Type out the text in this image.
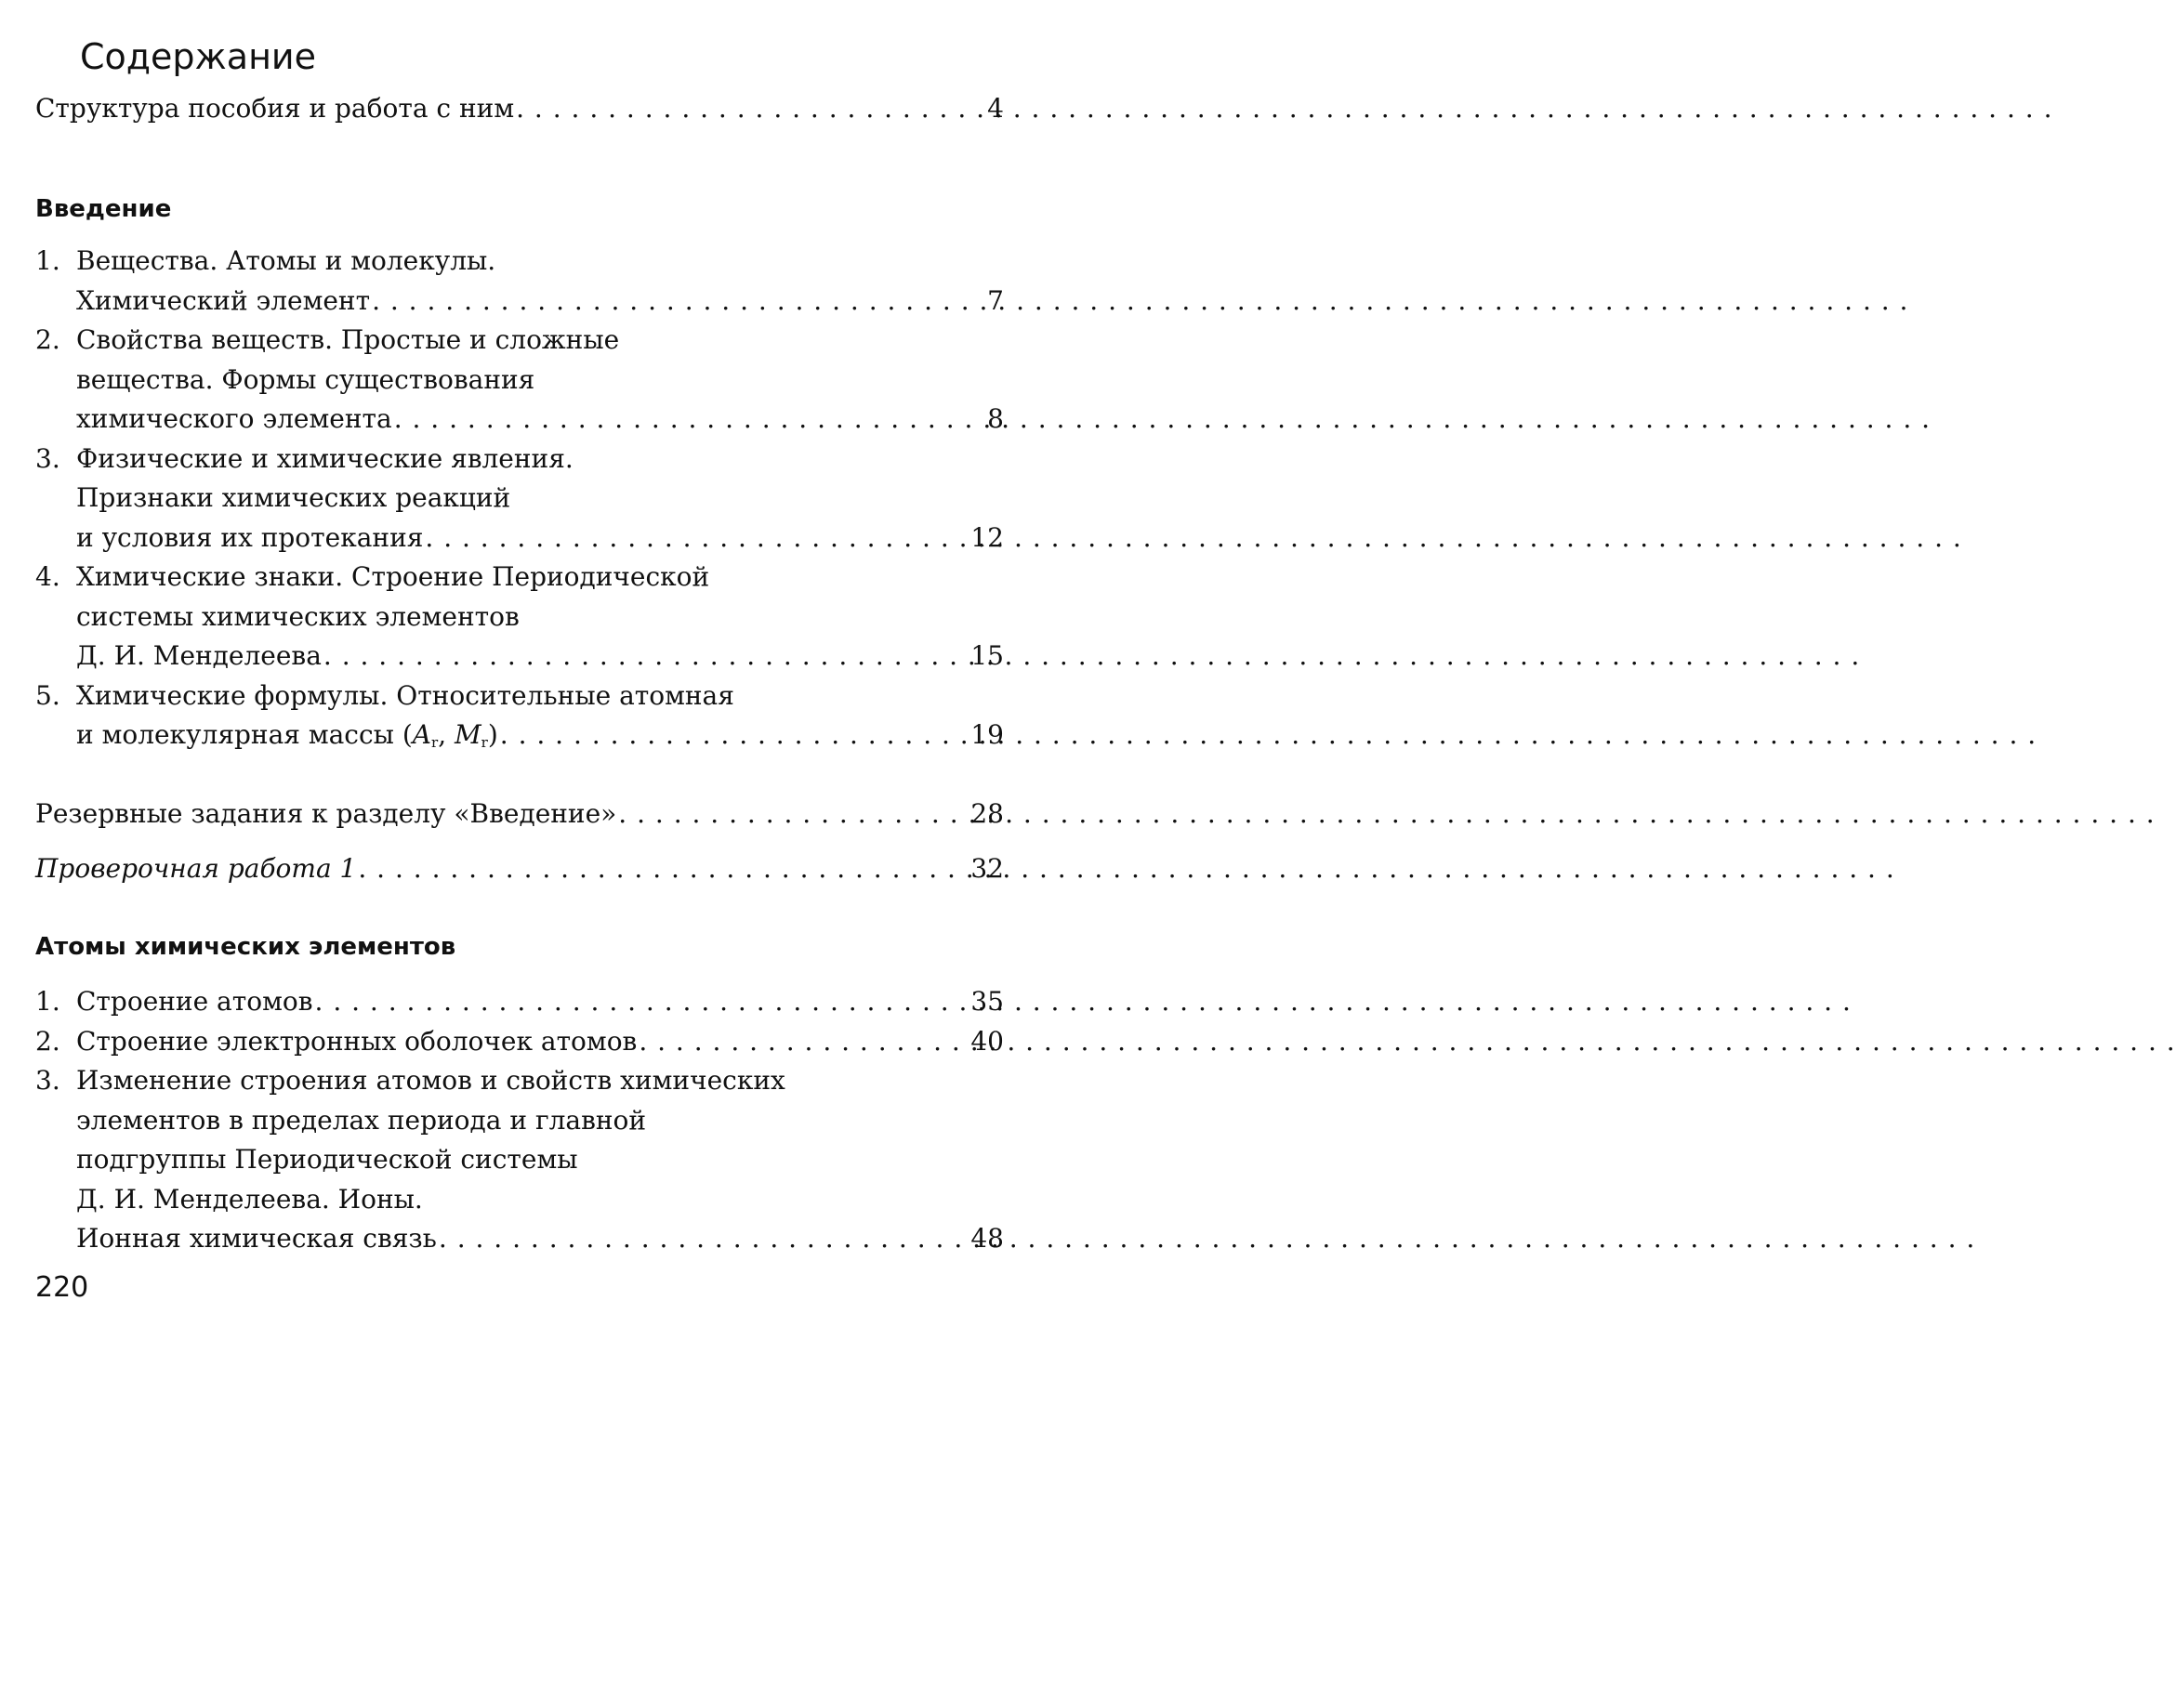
Содержание
Структура пособия и работа с ним . . .	4
Введение
1. Вещества. Атомы и молекулы.
Химический элемент . . .	7
2. Свойства веществ. Простые и сложные
вещества. Формы существования
химического элемента . . .	8
3. Физические и химические явления.
Признаки химических реакций
и условия их протекания . . .	12
4. Химические знаки. Строение Периодической
системы химических элементов
Д. И. Менделеева . . .	15
5. Химические формулы. Относительные атомная
и молекулярная массы ($A_r$, $M_r$) . . .	19
Резервные задания к разделу «Введение» . . .	28
Проверочная работа 1 . . .	32
Атомы химических элементов
1. Строение атомов . . .	35
2. Строение электронных оболочек атомов . . .	40
3. Изменение строения атомов и свойств химических
элементов в пределах периода и главной
подгруппы Периодической системы
Д. И. Менделеева. Ионы.
Ионная химическая связь . . .	48
220
